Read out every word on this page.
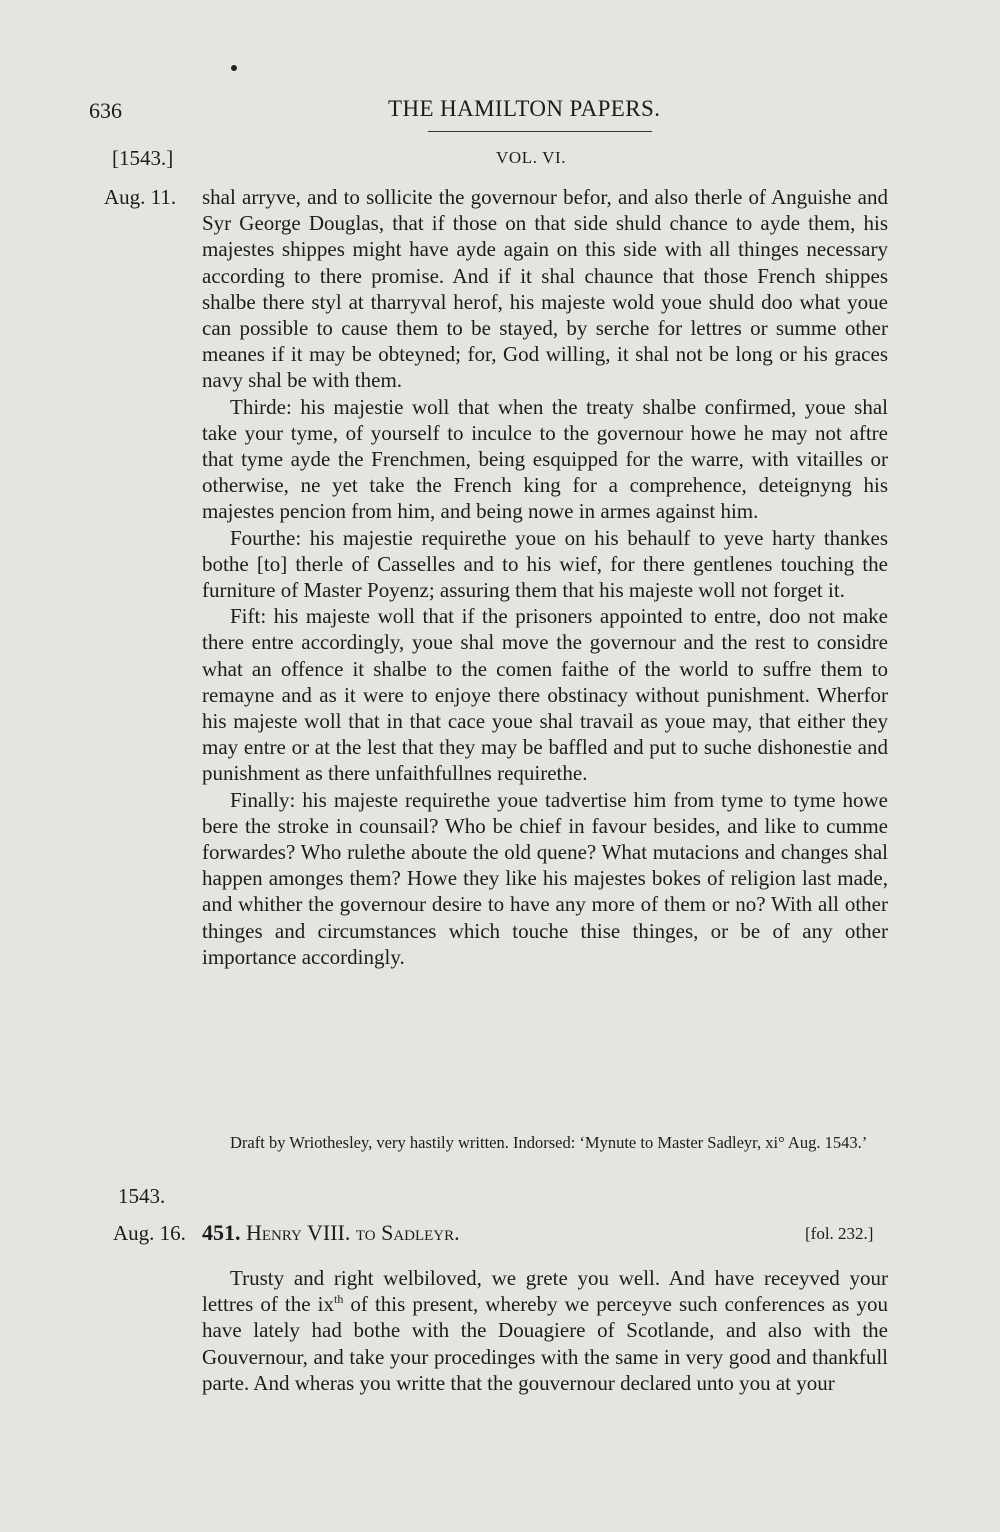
636	THE HAMILTON PAPERS.
[1543.]	VOL. VI.
Aug. 11. shal arryve, and to sollicite the governour befor, and also therle of Anguishe and Syr George Douglas, that if those on that side shuld chance to ayde them, his majestes shippes might have ayde again on this side with all thinges necessary according to there promise. And if it shal chaunce that those French shippes shalbe there styl at tharryval herof, his majeste wold youe shuld doo what youe can possible to cause them to be stayed, by serche for lettres or summe other meanes if it may be obteyned; for, God willing, it shal not be long or his graces navy shal be with them.

Thirde: his majestie woll that when the treaty shalbe confirmed, youe shal take your tyme, of yourself to inculce to the governour howe he may not aftre that tyme ayde the Frenchmen, being esquipped for the warre, with vitailles or otherwise, ne yet take the French king for a comprehence, deteignyng his majestes pencion from him, and being nowe in armes against him.

Fourthe: his majestie requirethe youe on his behaulf to yeve harty thankes bothe [to] therle of Casselles and to his wief, for there gentlenes touching the furniture of Master Poyenz; assuring them that his majeste woll not forget it.

Fift: his majeste woll that if the prisoners appointed to entre, doo not make there entre accordingly, youe shal move the governour and the rest to considre what an offence it shalbe to the comen faithe of the world to suffre them to remayne and as it were to enjoye there obstinacy without punishment. Wherfor his majeste woll that in that cace youe shal travail as youe may, that either they may entre or at the lest that they may be baffled and put to suche dishonestie and punishment as there unfaithfullnes requirethe.

Finally: his majeste requirethe youe tadvertise him from tyme to tyme howe bere the stroke in counsail? Who be chief in favour besides, and like to cumme forwardes? Who rulethe aboute the old quene? What mutacions and changes shal happen amonges them? Howe they like his majestes bokes of religion last made, and whither the governour desire to have any more of them or no? With all other thinges and circumstances which touche thise thinges, or be of any other importance accordingly.

Draft by Wriothesley, very hastily written. Indorsed: ‘Mynute to Master Sadleyr, xi° Aug. 1543.’
1543.
Aug. 16. 451. Henry VIII. to Sadleyr.	[fol. 232.]

Trusty and right welbiloved, we grete you well. And have receyved your lettres of the $ix^{th}$ of this present, whereby we perceyve such conferences as you have lately had bothe with the Douagiere of Scotlande, and also with the Gouvernour, and take your procedinges with the same in very good and thankfull parte. And wheras you writte that the gouvernour declared unto you at your
